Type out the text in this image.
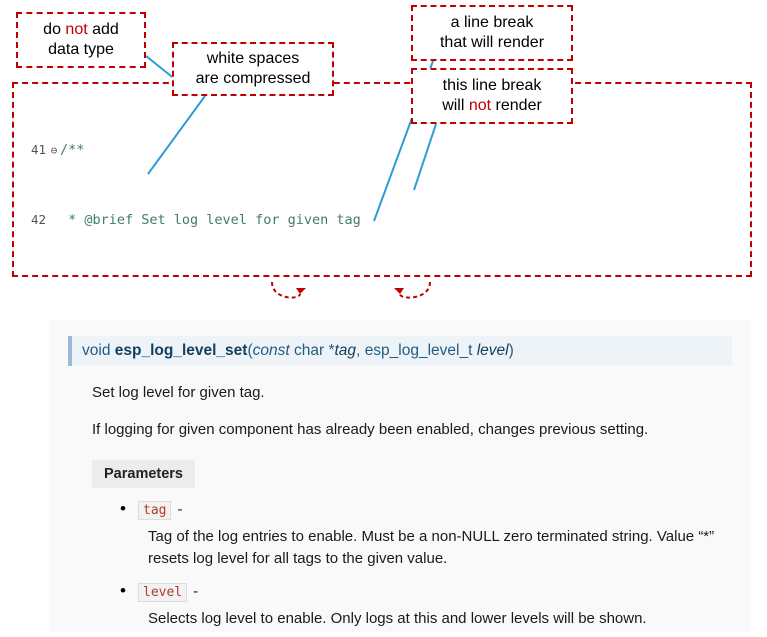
do not add
data type
white spaces
are compressed
a line break
that will render
this line break
will not render

41 ⊖ /**

42 * @brief Set log level for given tag

void esp_log_level_set(const char *tag, esp_log_level_t level)
Set log level for given tag.
If logging for given component has already been enabled, changes previous setting.
Parameters
•	tag -
Tag of the log entries to enable. Must be a non-NULL zero terminated string. Value “*” resets log level for all tags to the given value.
•	level -
Selects log level to enable. Only logs at this and lower levels will be shown.
